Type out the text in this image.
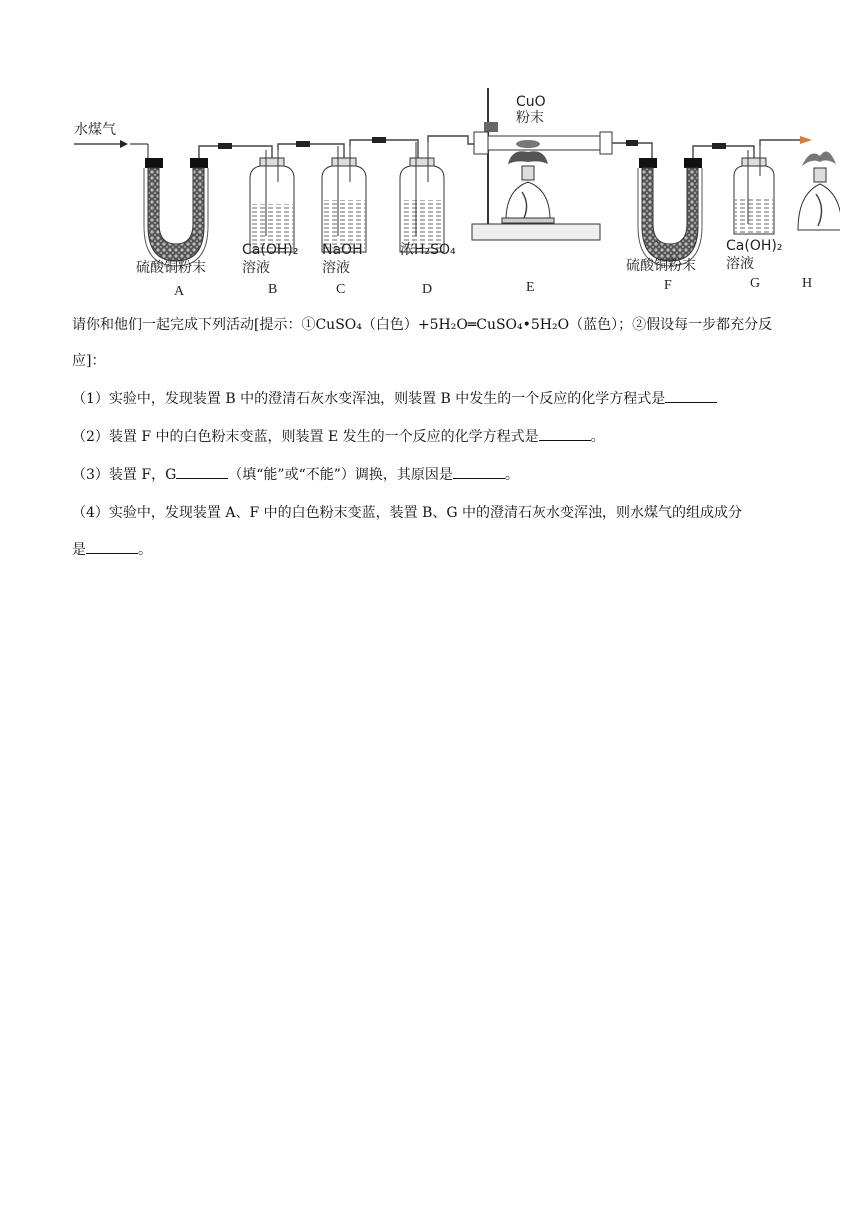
水煤气
CuO
粉末
硫酸铜粉末
Ca(OH)₂
溶液
NaOH
溶液
浓H₂SO₄
硫酸铜粉末
Ca(OH)₂
溶液
A	B	C	D	E	F	G	H
请你和他们一起完成下列活动[提示：①CuSO₄（白色）+5H₂O═CuSO₄•5H₂O（蓝色）；②假设每一步都充分反
应]：
（1）实验中，发现装置 B 中的澄清石灰水变浑浊，则装置 B 中发生的一个反应的化学方程式是
（2）装置 F 中的白色粉末变蓝，则装置 E 发生的一个反应的化学方程式是	。
（3）装置 F，G	（填“能”或“不能”）调换，其原因是	。
（4）实验中，发现装置 A、F 中的白色粉末变蓝，装置 B、G 中的澄清石灰水变浑浊，则水煤气的组成成分
是	。
